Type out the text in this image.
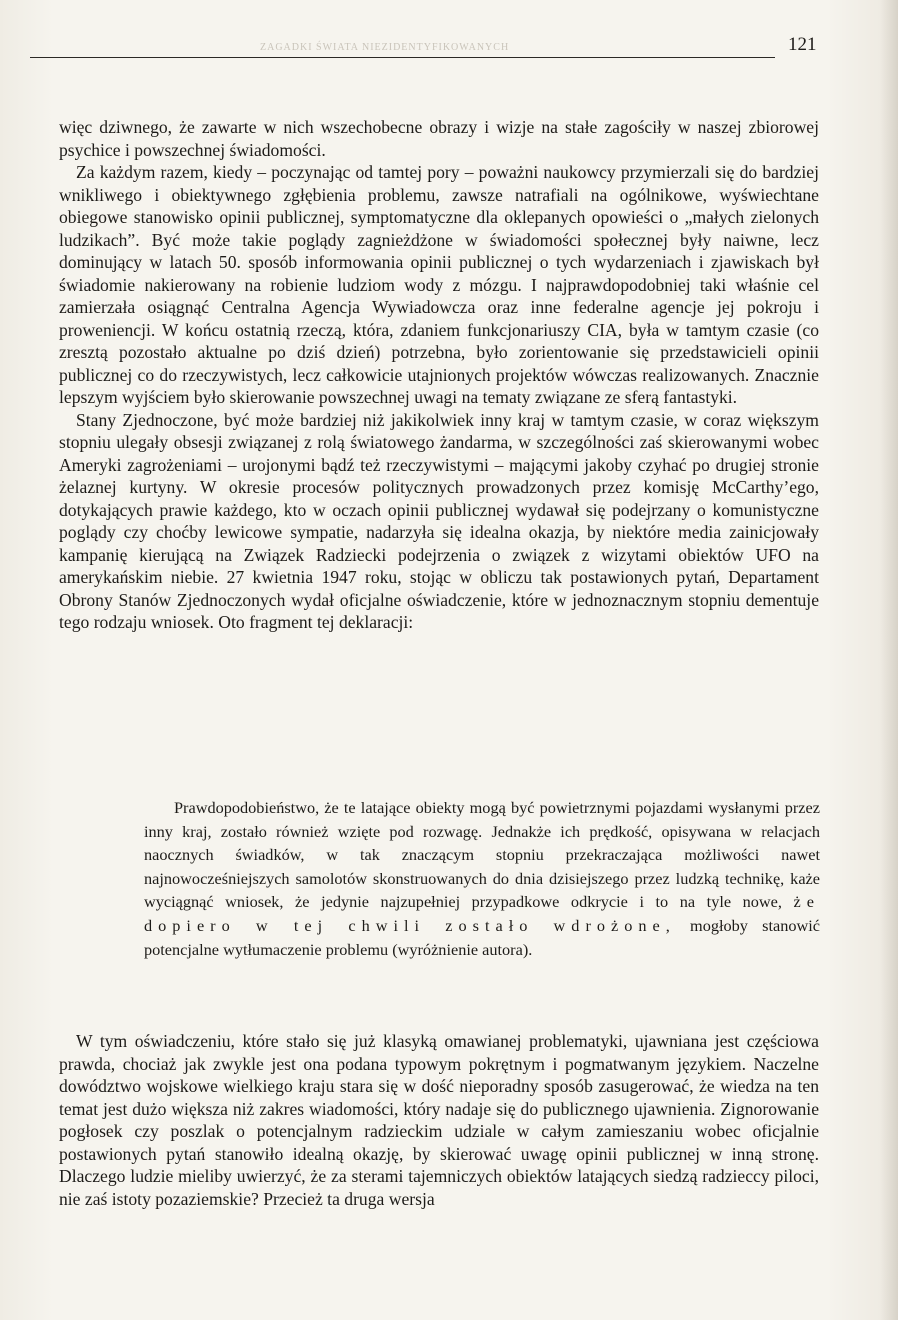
ZAGADKI ŚWIATA NIEZIDENTYFIKOWANYCH	121

więc dziwnego, że zawarte w nich wszechobecne obrazy i wizje na stałe zagościły w naszej zbiorowej psychice i powszechnej świadomości.

Za każdym razem, kiedy – poczynając od tamtej pory – poważni naukowcy przymierzali się do bardziej wnikliwego i obiektywnego zgłębienia problemu, zawsze natrafiali na ogólnikowe, wyświechtane obiegowe stanowisko opinii publicznej, symptomatyczne dla oklepanych opowieści o „małych zielonych ludzikach”. Być może takie poglądy zagnieżdżone w świadomości społecznej były naiwne, lecz dominujący w latach 50. sposób informowania opinii publicznej o tych wydarzeniach i zjawiskach był świadomie nakierowany na robienie ludziom wody z mózgu. I najprawdopodobniej taki właśnie cel zamierzała osiągnąć Centralna Agencja Wywiadowcza oraz inne federalne agencje jej pokroju i proweniencji. W końcu ostatnią rzeczą, która, zdaniem funkcjonariuszy CIA, była w tamtym czasie (co zresztą pozostało aktualne po dziś dzień) potrzebna, było zorientowanie się przedstawicieli opinii publicznej co do rzeczywistych, lecz całkowicie utajnionych projektów wówczas realizowanych. Znacznie lepszym wyjściem było skierowanie powszechnej uwagi na tematy związane ze sferą fantastyki.

Stany Zjednoczone, być może bardziej niż jakikolwiek inny kraj w tamtym czasie, w coraz większym stopniu ulegały obsesji związanej z rolą światowego żandarma, w szczególności zaś skierowanymi wobec Ameryki zagrożeniami – urojonymi bądź też rzeczywistymi – mającymi jakoby czyhać po drugiej stronie żelaznej kurtyny. W okresie procesów politycznych prowadzonych przez komisję McCarthy’ego, dotykających prawie każdego, kto w oczach opinii publicznej wydawał się podejrzany o komunistyczne poglądy czy choćby lewicowe sympatie, nadarzyła się idealna okazja, by niektóre media zainicjowały kampanię kierującą na Związek Radziecki podejrzenia o związek z wizytami obiektów UFO na amerykańskim niebie. 27 kwietnia 1947 roku, stojąc w obliczu tak postawionych pytań, Departament Obrony Stanów Zjednoczonych wydał oficjalne oświadczenie, które w jednoznacznym stopniu dementuje tego rodzaju wniosek. Oto fragment tej deklaracji:

Prawdopodobieństwo, że te latające obiekty mogą być powietrznymi pojazdami wysłanymi przez inny kraj, zostało również wzięte pod rozwagę. Jednakże ich prędkość, opisywana w relacjach naocznych świadków, w tak znaczącym stopniu przekraczająca możliwości nawet najnowocześniejszych samolotów skonstruowanych do dnia dzisiejszego przez ludzką technikę, każe wyciągnąć wniosek, że jedynie najzupełniej przypadkowe odkrycie i to na tyle nowe, że dopiero w tej chwili zostało wdrożone, mogłoby stanowić potencjalne wytłumaczenie problemu (wyróżnienie autora).

W tym oświadczeniu, które stało się już klasyką omawianej problematyki, ujawniana jest częściowa prawda, chociaż jak zwykle jest ona podana typowym pokrętnym i pogmatwanym językiem. Naczelne dowództwo wojskowe wielkiego kraju stara się w dość nieporadny sposób zasugerować, że wiedza na ten temat jest dużo większa niż zakres wiadomości, który nadaje się do publicznego ujawnienia. Zignorowanie pogłosek czy poszlak o potencjalnym radzieckim udziale w całym zamieszaniu wobec oficjalnie postawionych pytań stanowiło idealną okazję, by skierować uwagę opinii publicznej w inną stronę. Dlaczego ludzie mieliby uwierzyć, że za sterami tajemniczych obiektów latających siedzą radzieccy piloci, nie zaś istoty pozaziemskie? Przecież ta druga wersja
